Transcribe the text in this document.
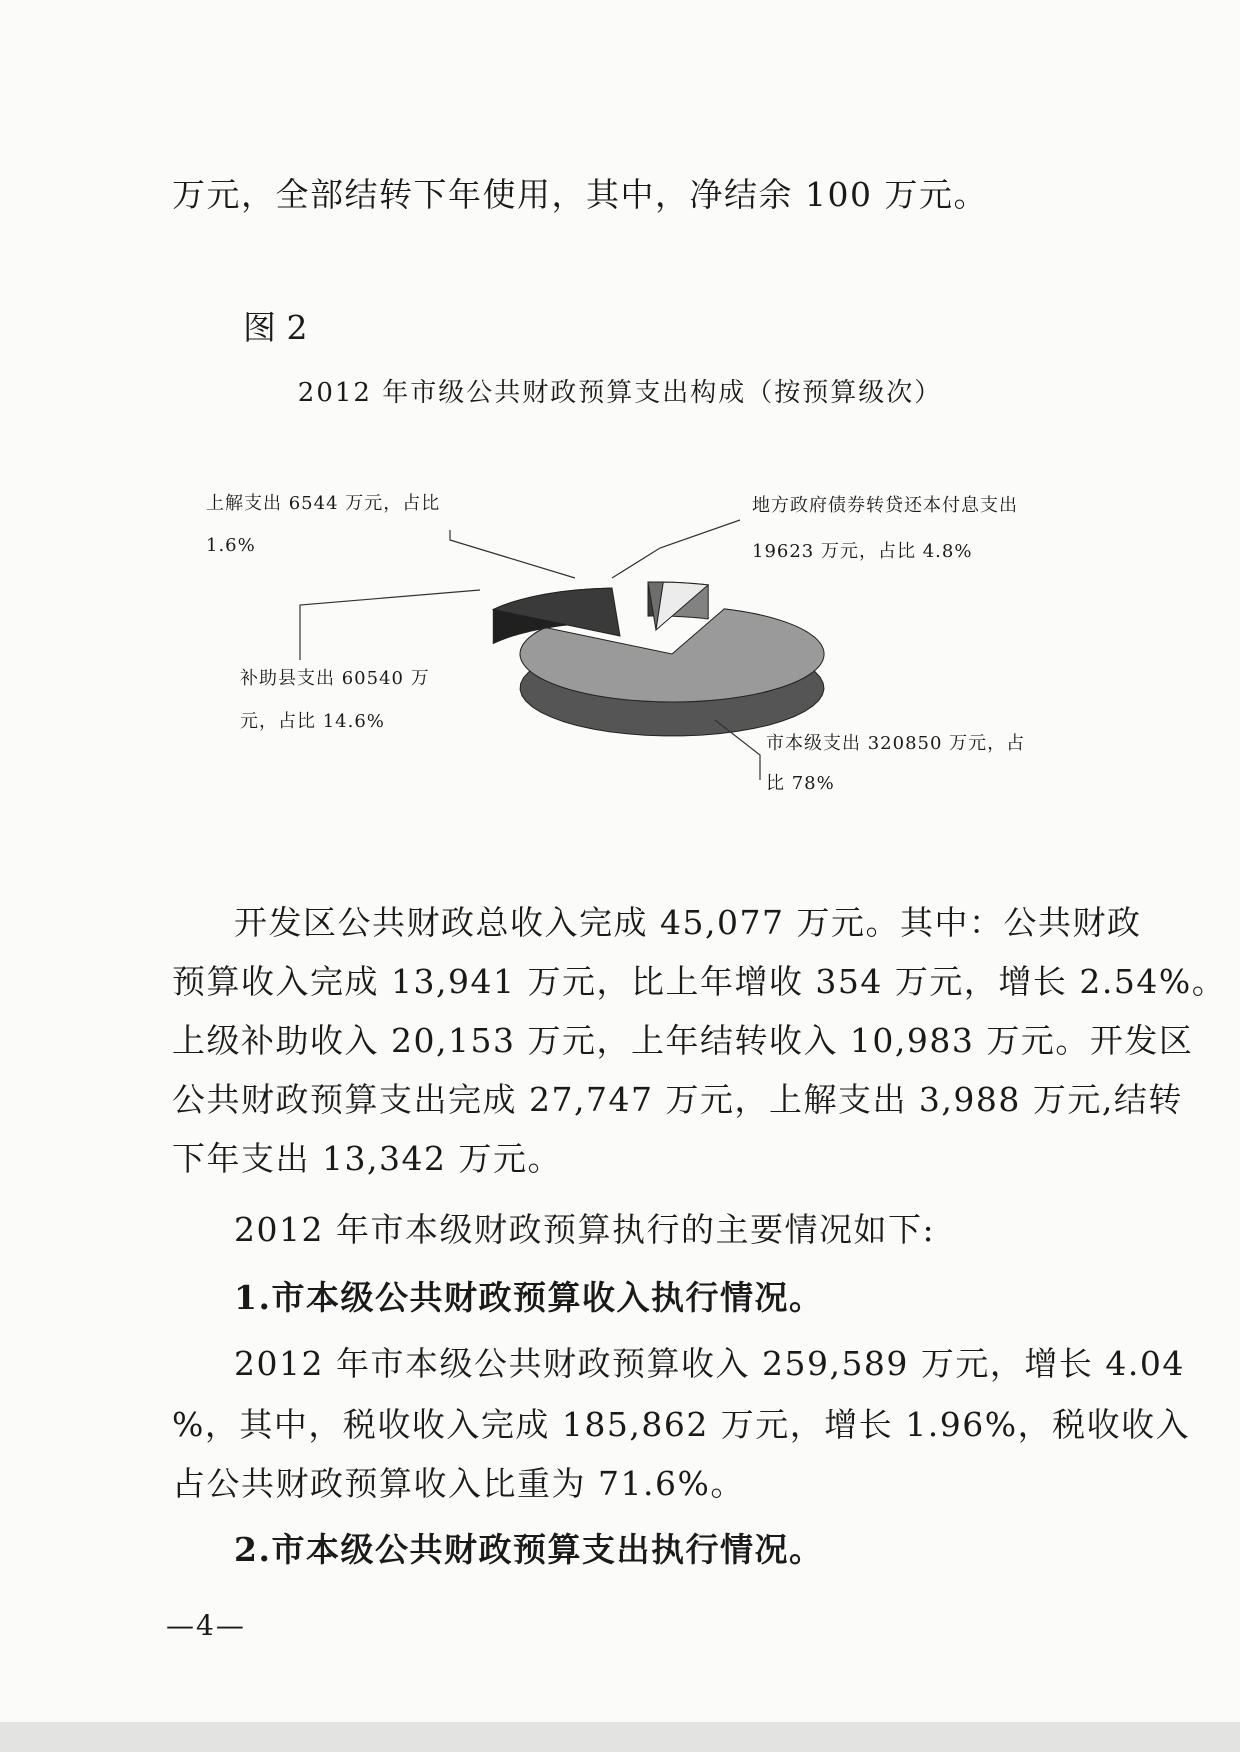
万元，全部结转下年使用，其中，净结余 100 万元。
图 2
2012 年市级公共财政预算支出构成（按预算级次）
上解支出 6544 万元，占比
1.6%
地方政府债券转贷还本付息支出
19623 万元，占比 4.8%
补助县支出 60540 万
元，占比 14.6%
市本级支出 320850 万元，占
比 78%
开发区公共财政总收入完成 45,077 万元。其中：公共财政
预算收入完成 13,941 万元，比上年增收 354 万元，增长 2.54%。
上级补助收入 20,153 万元，上年结转收入 10,983 万元。开发区
公共财政预算支出完成 27,747 万元，上解支出 3,988 万元,结转
下年支出 13,342 万元。
2012 年市本级财政预算执行的主要情况如下:
1.市本级公共财政预算收入执行情况。
2012 年市本级公共财政预算收入 259,589 万元，增长 4.04
%，其中，税收收入完成 185,862 万元，增长 1.96%，税收收入
占公共财政预算收入比重为 71.6%。
2.市本级公共财政预算支出执行情况。
—4—
